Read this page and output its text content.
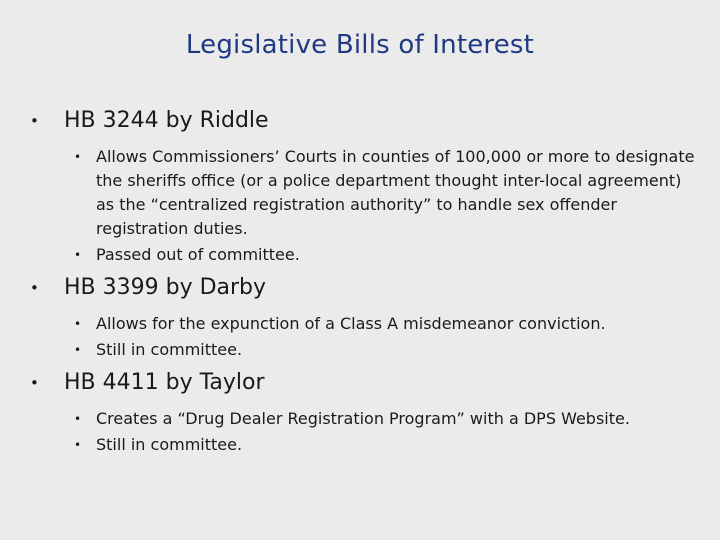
Legislative Bills of Interest
• HB 3244 by Riddle
• Allows Commissioners’ Courts in counties of 100,000 or more to designate the sheriffs office (or a police department thought inter-local agreement) as the “centralized registration authority” to handle sex offender registration duties.
• Passed out of committee.
• HB 3399 by Darby
• Allows for the expunction of a Class A misdemeanor conviction.
• Still in committee.
• HB 4411 by Taylor
• Creates a “Drug Dealer Registration Program” with a DPS Website.
• Still in committee.
